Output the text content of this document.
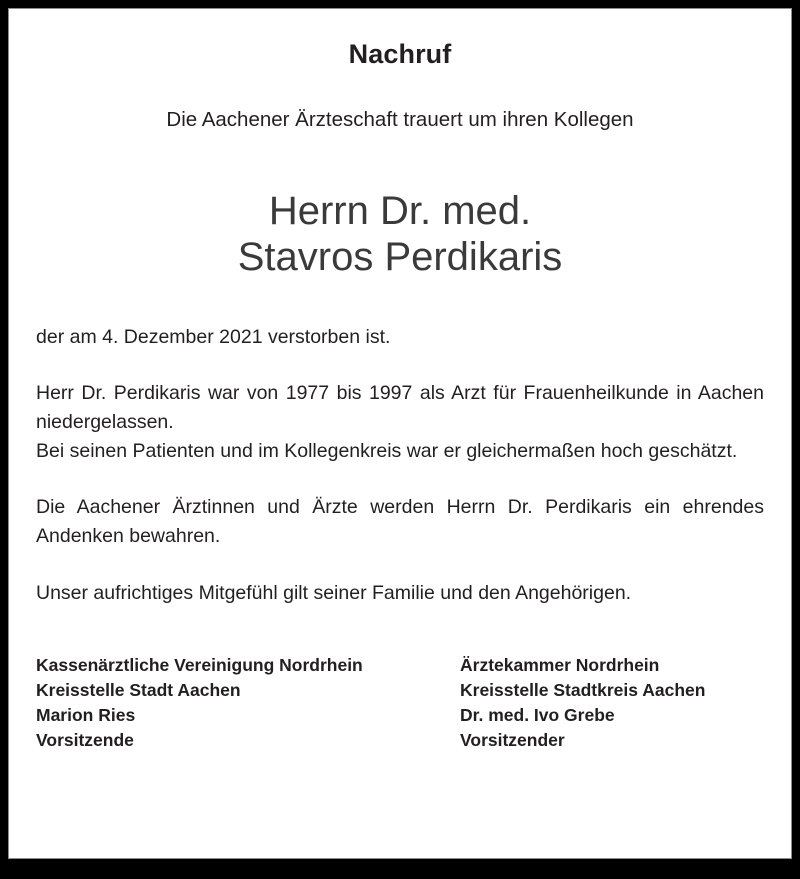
Nachruf

Die Aachener Ärzteschaft trauert um ihren Kollegen

Herrn Dr. med.
Stavros Perdikaris

der am 4. Dezember 2021 verstorben ist.

Herr Dr. Perdikaris war von 1977 bis 1997 als Arzt für Frauenheilkunde in Aachen niedergelassen.

Bei seinen Patienten und im Kollegenkreis war er gleichermaßen hoch geschätzt.

Die Aachener Ärztinnen und Ärzte werden Herrn Dr. Perdikaris ein ehrendes Andenken bewahren.

Unser aufrichtiges Mitgefühl gilt seiner Familie und den Angehörigen.

Kassenärztliche Vereinigung Nordrhein
Kreisstelle Stadt Aachen
Marion Ries
Vorsitzende
Ärztekammer Nordrhein
Kreisstelle Stadtkreis Aachen
Dr. med. Ivo Grebe
Vorsitzender
